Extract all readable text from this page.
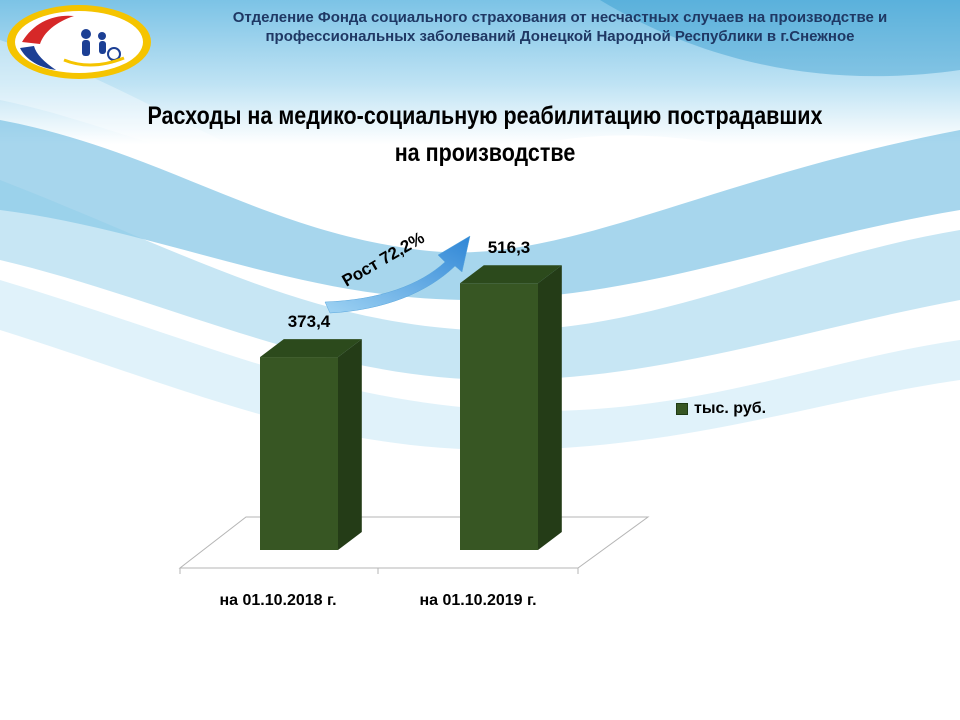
Отделение Фонда социального страхования от несчастных случаев на производстве и
профессиональных заболеваний Донецкой Народной Республики в г.Снежное
Расходы на медико-социальную реабилитацию пострадавших
на производстве
373,4
на 01.10.2018 г.
516,3
на 01.10.2019 г.
Рост 72,2%
тыс. руб.
